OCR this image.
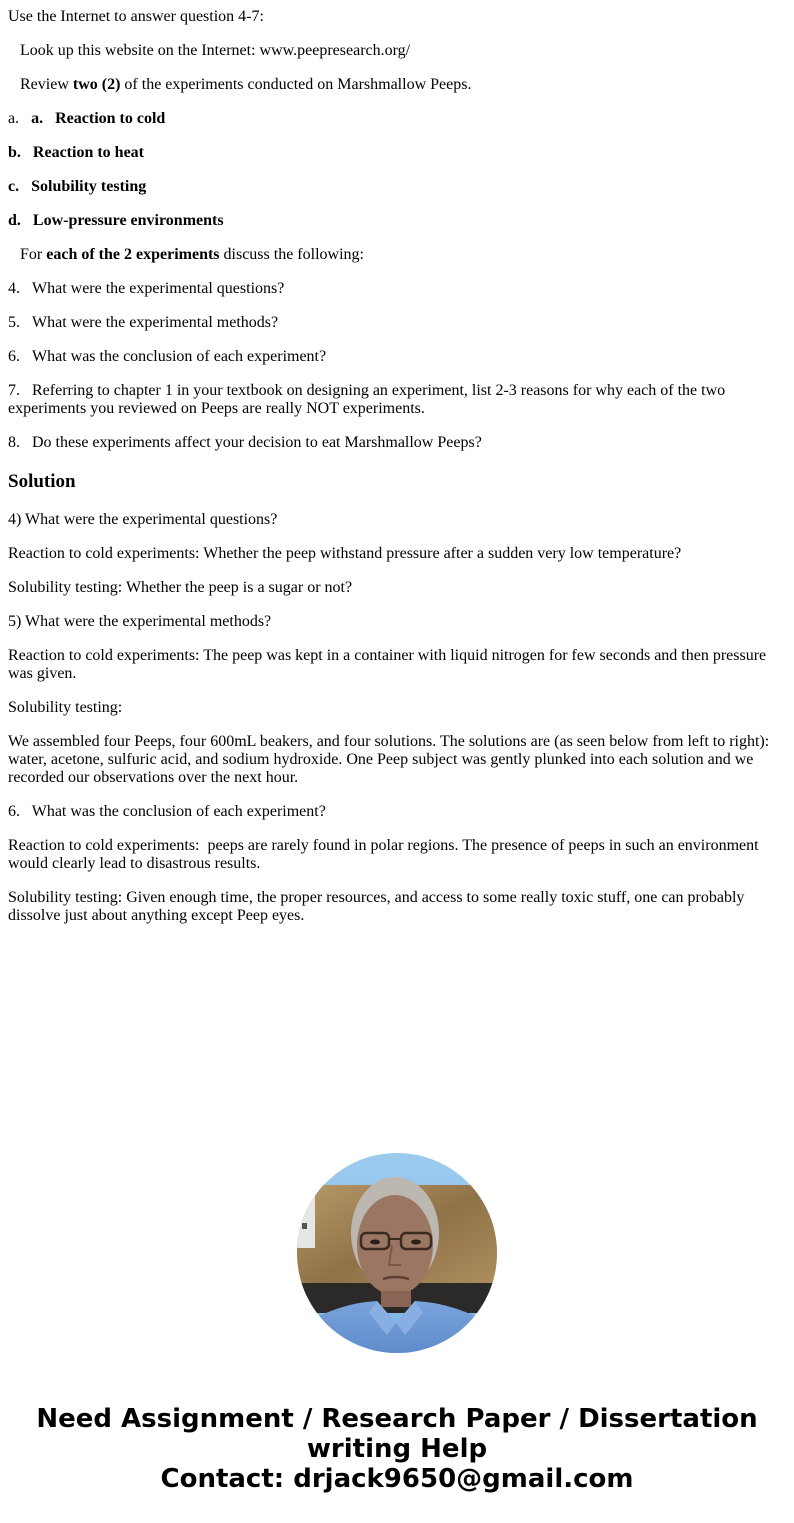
Use the Internet to answer question 4-7:

Look up this website on the Internet: www.peepresearch.org/

Review two (2) of the experiments conducted on Marshmallow Peeps.

a. a. Reaction to cold

b. Reaction to heat

c. Solubility testing

d. Low-pressure environments

For each of the 2 experiments discuss the following:

4. What were the experimental questions?

5. What were the experimental methods?

6. What was the conclusion of each experiment?

7. Referring to chapter 1 in your textbook on designing an experiment, list 2-3 reasons for why each of the two experiments you reviewed on Peeps are really NOT experiments.

8. Do these experiments affect your decision to eat Marshmallow Peeps?

Solution

4) What were the experimental questions?

Reaction to cold experiments: Whether the peep withstand pressure after a sudden very low temperature?

Solubility testing: Whether the peep is a sugar or not?

5) What were the experimental methods?

Reaction to cold experiments: The peep was kept in a container with liquid nitrogen for few seconds and then pressure was given.

Solubility testing:

We assembled four Peeps, four 600mL beakers, and four solutions. The solutions are (as seen below from left to right): water, acetone, sulfuric acid, and sodium hydroxide. One Peep subject was gently plunked into each solution and we recorded our observations over the next hour.

6.   What was the conclusion of each experiment?

Reaction to cold experiments:  peeps are rarely found in polar regions. The presence of peeps in such an environment would clearly lead to disastrous results.

Solubility testing: Given enough time, the proper resources, and access to some really toxic stuff, one can probably dissolve just about anything except Peep eyes.

Need Assignment / Research Paper / Dissertation
writing Help
Contact: drjack9650@gmail.com
